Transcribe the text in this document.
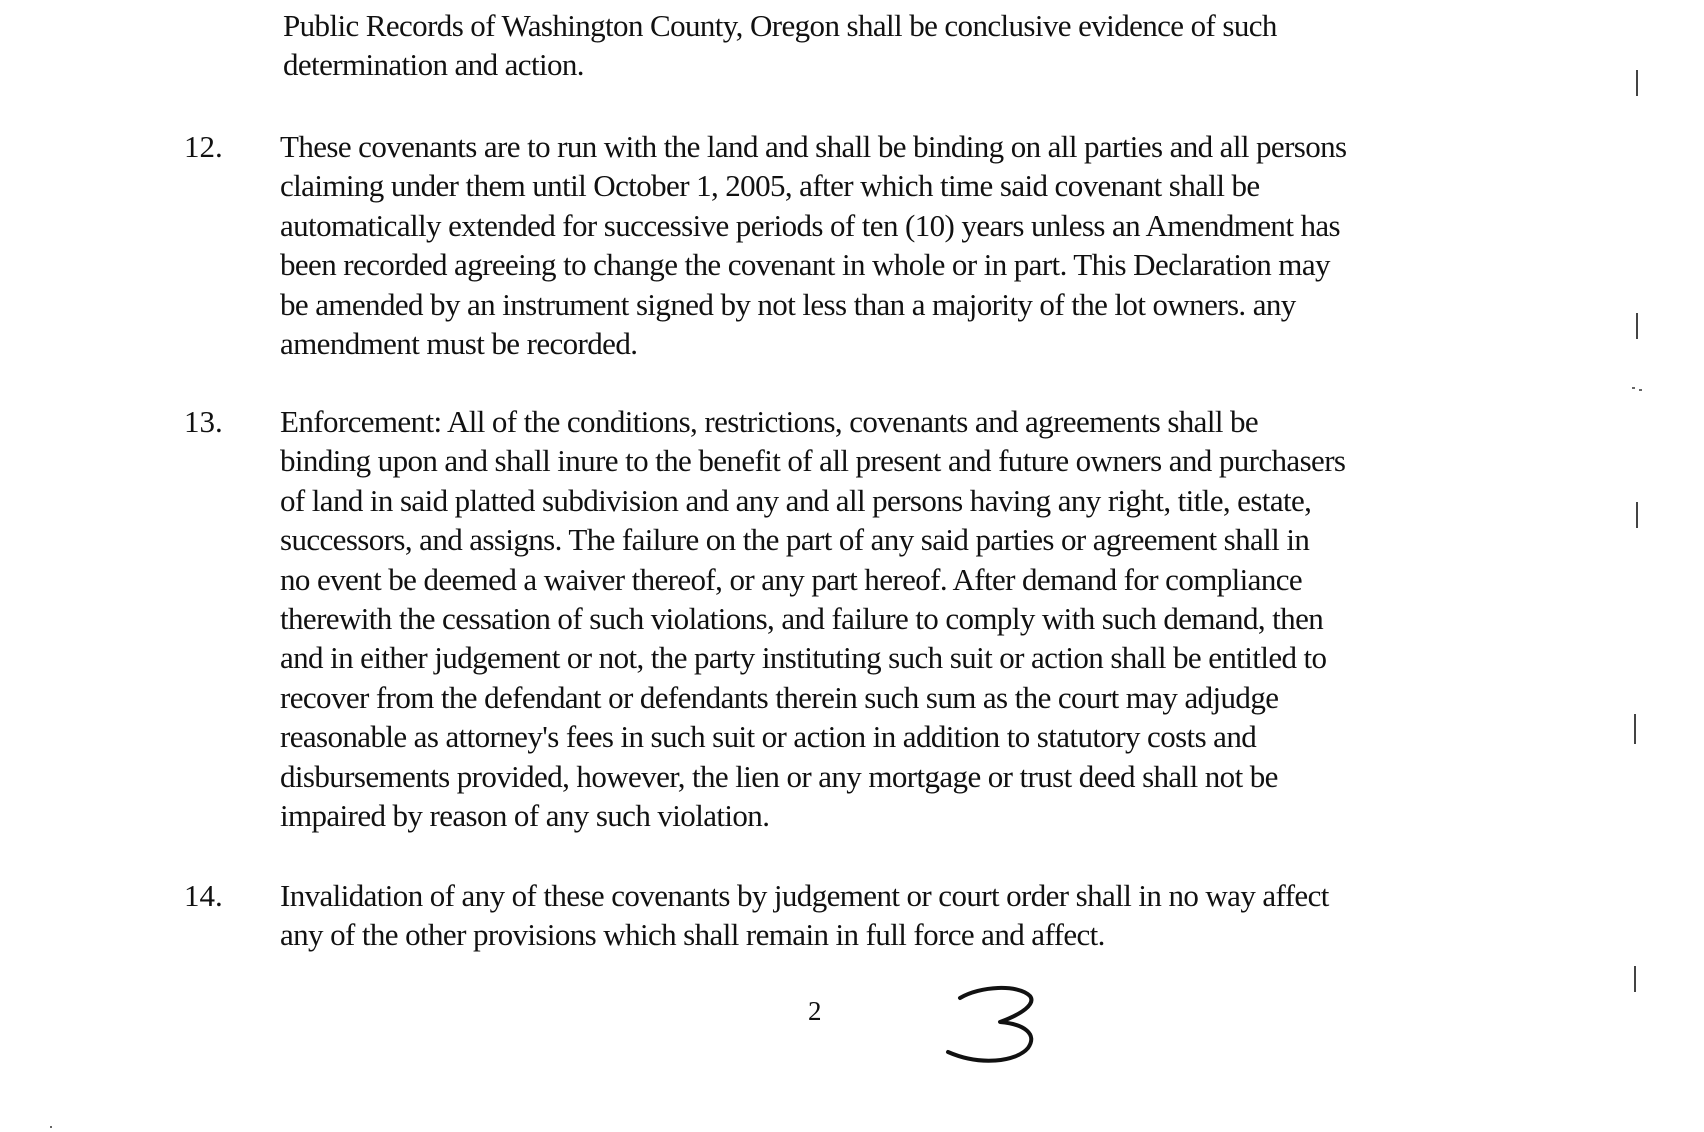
Public Records of Washington County, Oregon shall be conclusive evidence of such
determination and action.
12. These covenants are to run with the land and shall be binding on all parties and all persons
claiming under them until October 1, 2005, after which time said covenant shall be
automatically extended for successive periods of ten (10) years unless an Amendment has
been recorded agreeing to change the covenant in whole or in part. This Declaration may
be amended by an instrument signed by not less than a majority of the lot owners. any
amendment must be recorded.
13. Enforcement: All of the conditions, restrictions, covenants and agreements shall be
binding upon and shall inure to the benefit of all present and future owners and purchasers
of land in said platted subdivision and any and all persons having any right, title, estate,
successors, and assigns. The failure on the part of any said parties or agreement shall in
no event be deemed a waiver thereof, or any part hereof. After demand for compliance
therewith the cessation of such violations, and failure to comply with such demand, then
and in either judgement or not, the party instituting such suit or action shall be entitled to
recover from the defendant or defendants therein such sum as the court may adjudge
reasonable as attorney's fees in such suit or action in addition to statutory costs and
disbursements provided, however, the lien or any mortgage or trust deed shall not be
impaired by reason of any such violation.
14. Invalidation of any of these covenants by judgement or court order shall in no way affect
any of the other provisions which shall remain in full force and affect.
2
